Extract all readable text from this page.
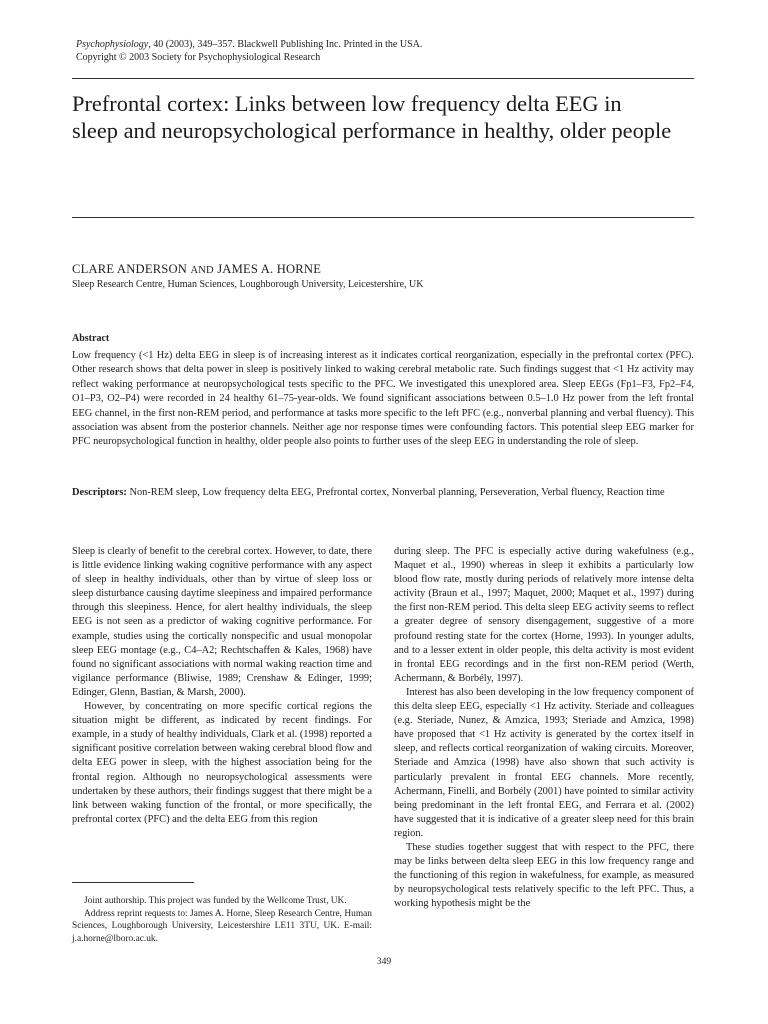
Psychophysiology, 40 (2003), 349–357. Blackwell Publishing Inc. Printed in the USA.
Copyright © 2003 Society for Psychophysiological Research
Prefrontal cortex: Links between low frequency delta EEG in sleep and neuropsychological performance in healthy, older people
CLARE ANDERSON AND JAMES A. HORNE
Sleep Research Centre, Human Sciences, Loughborough University, Leicestershire, UK
Abstract
Low frequency (<1 Hz) delta EEG in sleep is of increasing interest as it indicates cortical reorganization, especially in the prefrontal cortex (PFC). Other research shows that delta power in sleep is positively linked to waking cerebral metabolic rate. Such findings suggest that <1 Hz activity may reflect waking performance at neuropsychological tests specific to the PFC. We investigated this unexplored area. Sleep EEGs (Fp1–F3, Fp2–F4, O1–P3, O2–P4) were recorded in 24 healthy 61–75-year-olds. We found significant associations between 0.5–1.0 Hz power from the left frontal EEG channel, in the first non-REM period, and performance at tasks more specific to the left PFC (e.g., nonverbal planning and verbal fluency). This association was absent from the posterior channels. Neither age nor response times were confounding factors. This potential sleep EEG marker for PFC neuropsychological function in healthy, older people also points to further uses of the sleep EEG in understanding the role of sleep.
Descriptors: Non-REM sleep, Low frequency delta EEG, Prefrontal cortex, Nonverbal planning, Perseveration, Verbal fluency, Reaction time

Sleep is clearly of benefit to the cerebral cortex. However, to date, there is little evidence linking waking cognitive performance with any aspect of sleep in healthy individuals, other than by virtue of sleep loss or sleep disturbance causing daytime sleepiness and impaired performance through this sleepiness. Hence, for alert healthy individuals, the sleep EEG is not seen as a predictor of waking cognitive performance. For example, studies using the cortically nonspecific and usual monopolar sleep EEG montage (e.g., C4–A2; Rechtschaffen & Kales, 1968) have found no significant associations with normal waking reaction time and vigilance performance (Bliwise, 1989; Crenshaw & Edinger, 1999; Edinger, Glenn, Bastian, & Marsh, 2000).

However, by concentrating on more specific cortical regions the situation might be different, as indicated by recent findings. For example, in a study of healthy individuals, Clark et al. (1998) reported a significant positive correlation between waking cerebral blood flow and delta EEG power in sleep, with the highest association being for the frontal region. Although no neuropsychological assessments were undertaken by these authors, their findings suggest that there might be a link between waking function of the frontal, or more specifically, the prefrontal cortex (PFC) and the delta EEG from this region

during sleep. The PFC is especially active during wakefulness (e.g., Maquet et al., 1990) whereas in sleep it exhibits a particularly low blood flow rate, mostly during periods of relatively more intense delta activity (Braun et al., 1997; Maquet, 2000; Maquet et al., 1997) during the first non-REM period. This delta sleep EEG activity seems to reflect a greater degree of sensory disengagement, suggestive of a more profound resting state for the cortex (Horne, 1993). In younger adults, and to a lesser extent in older people, this delta activity is most evident in frontal EEG recordings and in the first non-REM period (Werth, Achermann, & Borbély, 1997).

Interest has also been developing in the low frequency component of this delta sleep EEG, especially <1 Hz activity. Steriade and colleagues (e.g. Steriade, Nunez, & Amzica, 1993; Steriade and Amzica, 1998) have proposed that <1 Hz activity is generated by the cortex itself in sleep, and reflects cortical reorganization of waking circuits. Moreover, Steriade and Amzica (1998) have also shown that such activity is particularly prevalent in frontal EEG channels. More recently, Achermann, Finelli, and Borbély (2001) have pointed to similar activity being predominant in the left frontal EEG, and Ferrara et al. (2002) have suggested that it is indicative of a greater sleep need for this brain region.

These studies together suggest that with respect to the PFC, there may be links between delta sleep EEG in this low frequency range and the functioning of this region in wakefulness, for example, as measured by neuropsychological tests relatively specific to the left PFC. Thus, a working hypothesis might be the

Joint authorship. This project was funded by the Wellcome Trust, UK.

Address reprint requests to: James A. Horne, Sleep Research Centre, Human Sciences, Loughborough University, Leicestershire LE11 3TU, UK. E-mail: j.a.horne@lboro.ac.uk.

349
